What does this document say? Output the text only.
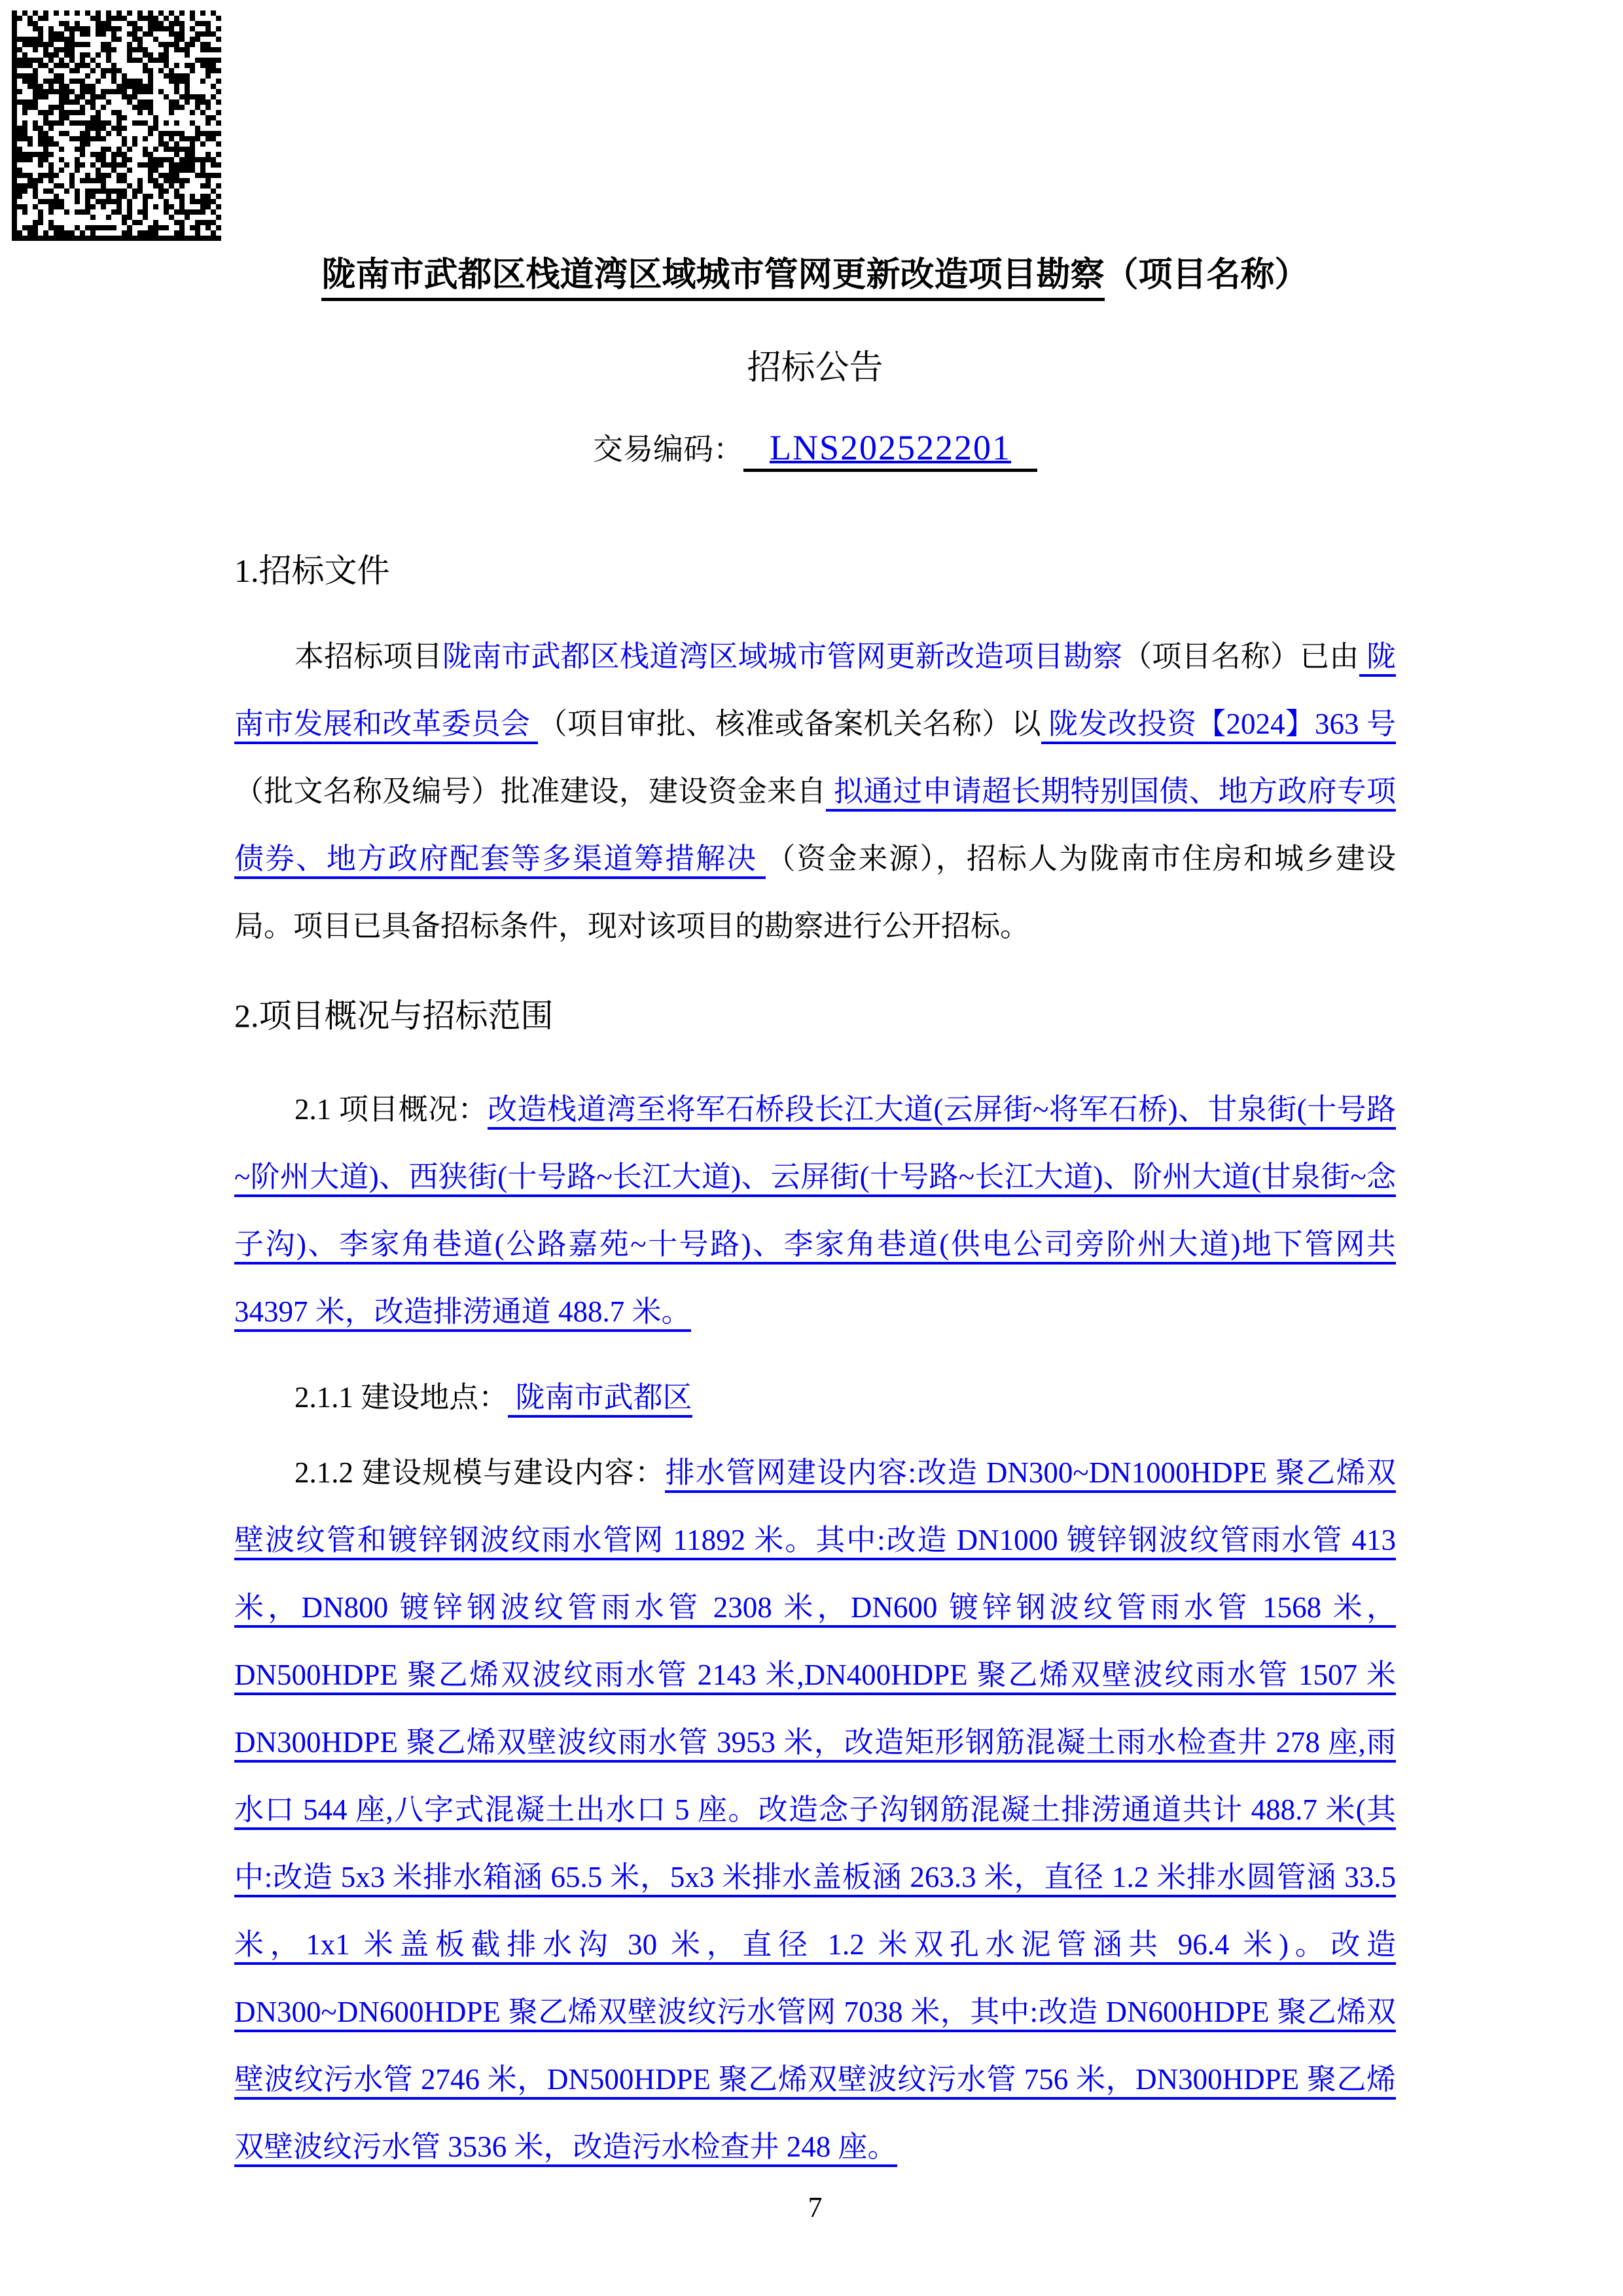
陇南市武都区栈道湾区域城市管网更新改造项目勘察（项目名称）
招标公告
交易编码： LNS202522201
1.招标文件

本招标项目陇南市武都区栈道湾区域城市管网更新改造项目勘察（项目名称）已由 陇南市发展和改革委员会 （项目审批、核准或备案机关名称）以 陇发改投资【2024】363 号 （批文名称及编号）批准建设，建设资金来自 拟通过申请超长期特别国债、地方政府专项债券、地方政府配套等多渠道筹措解决 （资金来源），招标人为陇南市住房和城乡建设局。项目已具备招标条件，现对该项目的勘察进行公开招标。

2.项目概况与招标范围

2.1 项目概况：改造栈道湾至将军石桥段长江大道(云屏街~将军石桥)、甘泉街(十号路~阶州大道)、西狭街(十号路~长江大道)、云屏街(十号路~长江大道)、阶州大道(甘泉街~念子沟)、李家角巷道(公路嘉苑~十号路)、李家角巷道(供电公司旁阶州大道)地下管网共 34397 米，改造排涝通道 488.7 米。

2.1.1 建设地点： 陇南市武都区

2.1.2 建设规模与建设内容：排水管网建设内容:改造 DN300~DN1000HDPE 聚乙烯双壁波纹管和镀锌钢波纹雨水管网 11892 米。其中:改造 DN1000 镀锌钢波纹管雨水管 413 米，DN800 镀锌钢波纹管雨水管 2308 米，DN600 镀锌钢波纹管雨水管 1568 米，DN500HDPE 聚乙烯双波纹雨水管 2143 米,DN400HDPE 聚乙烯双壁波纹雨水管 1507 米 DN300HDPE 聚乙烯双壁波纹雨水管 3953 米，改造矩形钢筋混凝土雨水检查井 278 座,雨水口 544 座,八字式混凝土出水口 5 座。改造念子沟钢筋混凝土排涝通道共计 488.7 米(其中:改造 5x3 米排水箱涵 65.5 米，5x3 米排水盖板涵 263.3 米，直径 1.2 米排水圆管涵 33.5 米，1x1 米盖板截排水沟 30 米，直径 1.2 米双孔水泥管涵共 96.4 米)。改造 DN300~DN600HDPE 聚乙烯双壁波纹污水管网 7038 米，其中:改造 DN600HDPE 聚乙烯双壁波纹污水管 2746 米，DN500HDPE 聚乙烯双壁波纹污水管 756 米，DN300HDPE 聚乙烯双壁波纹污水管 3536 米，改造污水检查井 248 座。

7
